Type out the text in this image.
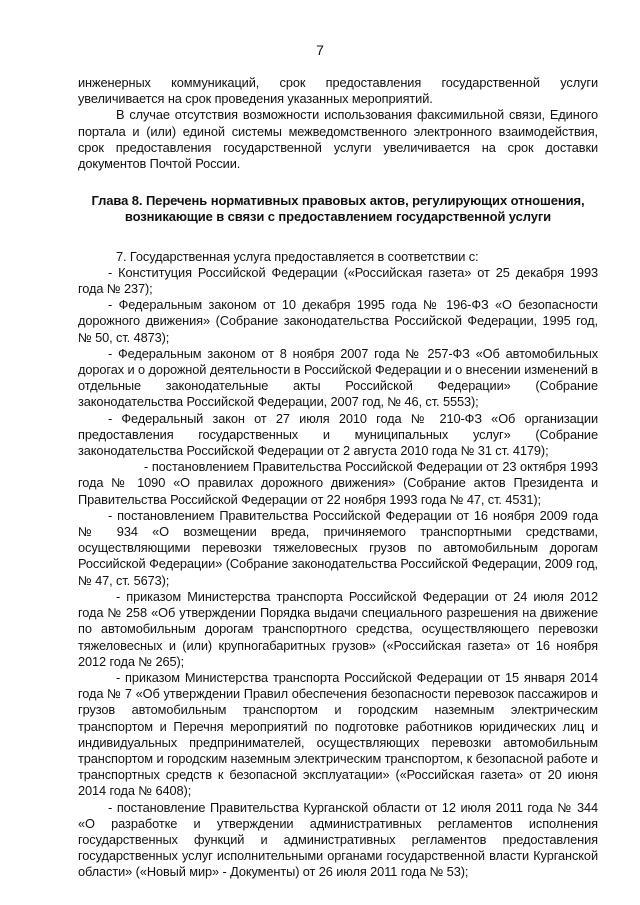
7

инженерных коммуникаций, срок предоставления государственной услуги увеличивается на срок проведения указанных мероприятий.

В случае отсутствия возможности использования факсимильной связи, Единого портала и (или) единой системы межведомственного электронного взаимодействия, срок предоставления государственной услуги увеличивается на срок доставки документов Почтой России.

Глава 8. Перечень нормативных правовых актов, регулирующих отношения, возникающие в связи с предоставлением государственной услуги

7. Государственная услуга предоставляется в соответствии с:

- Конституция Российской Федерации («Российская газета» от 25 декабря 1993 года № 237);

- Федеральным законом от 10 декабря 1995 года № 196-ФЗ «О безопасности дорожного движения» (Собрание законодательства Российской Федерации, 1995 год, № 50, ст. 4873);

- Федеральным законом от 8 ноября 2007 года № 257-ФЗ «Об автомобильных дорогах и о дорожной деятельности в Российской Федерации и о внесении изменений в отдельные законодательные акты Российской Федерации» (Собрание законодательства Российской Федерации, 2007 год, № 46, ст. 5553);

- Федеральный закон от 27 июля 2010 года № 210-ФЗ «Об организации предоставления государственных и муниципальных услуг» (Собрание законодательства Российской Федерации от 2 августа 2010 года № 31 ст. 4179);

- постановлением Правительства Российской Федерации от 23 октября 1993 года № 1090 «О правилах дорожного движения» (Собрание актов Президента и Правительства Российской Федерации от 22 ноября 1993 года № 47, ст. 4531);

- постановлением Правительства Российской Федерации от 16 ноября 2009 года № 934 «О возмещении вреда, причиняемого транспортными средствами, осуществляющими перевозки тяжеловесных грузов по автомобильным дорогам Российской Федерации» (Собрание законодательства Российской Федерации, 2009 год, № 47, ст. 5673);

- приказом Министерства транспорта Российской Федерации от 24 июля 2012 года № 258 «Об утверждении Порядка выдачи специального разрешения на движение по автомобильным дорогам транспортного средства, осуществляющего перевозки тяжеловесных и (или) крупногабаритных грузов» («Российская газета» от 16 ноября 2012 года № 265);

- приказом Министерства транспорта Российской Федерации от 15 января 2014 года № 7 «Об утверждении Правил обеспечения безопасности перевозок пассажиров и грузов автомобильным транспортом и городским наземным электрическим транспортом и Перечня мероприятий по подготовке работников юридических лиц и индивидуальных предпринимателей, осуществляющих перевозки автомобильным транспортом и городским наземным электрическим транспортом, к безопасной работе и транспортных средств к безопасной эксплуатации» («Российская газета» от 20 июня 2014 года № 6408);

- постановление Правительства Курганской области от 12 июля 2011 года № 344 «О разработке и утверждении административных регламентов исполнения государственных функций и административных регламентов предоставления государственных услуг исполнительными органами государственной власти Курганской области» («Новый мир» - Документы) от 26 июля 2011 года № 53);
